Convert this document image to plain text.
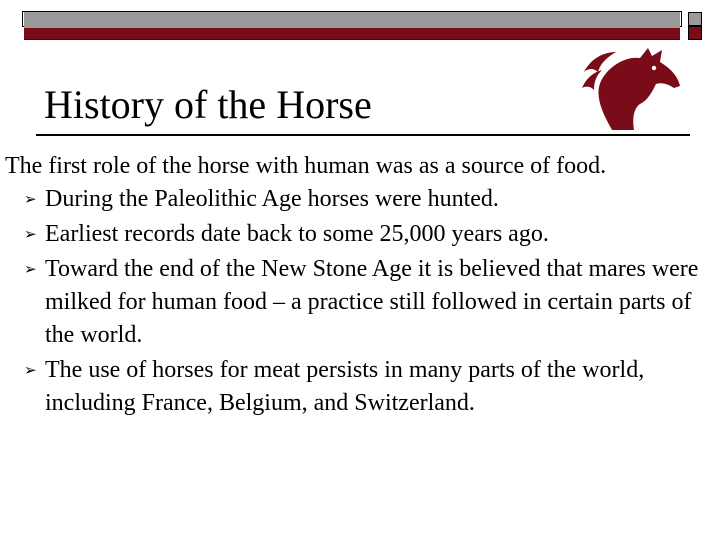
History of the Horse

The first role of the horse with human was as a source of food.

➢ During the Paleolithic Age horses were hunted.
➢ Earliest records date back to some 25,000 years ago.
➢ Toward the end of the New Stone Age it is believed that mares were milked for human food – a practice still followed in certain parts of the world.
➢ The use of horses for meat persists in many parts of the world, including France, Belgium, and Switzerland.
